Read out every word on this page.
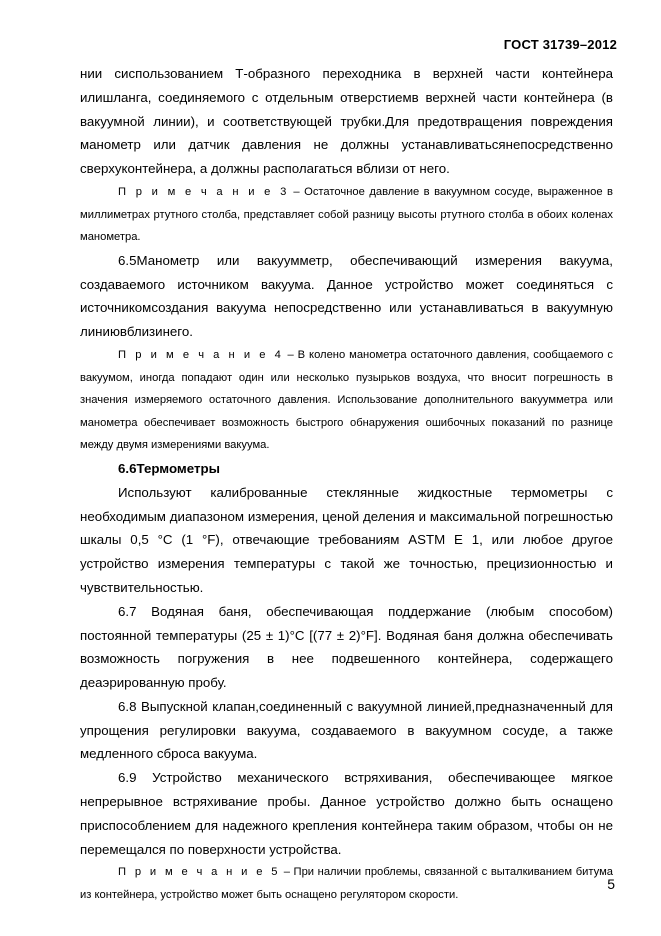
ГОСТ 31739–2012

нии сиспользованием Т-образного переходника в верхней части контейнера илишланга, соединяемого с отдельным отверстиемв верхней части контейнера (в вакуумной линии), и соответствующей трубки.Для предотвращения повреждения манометр или датчик давления не должны устанавливатьсянепосредственно сверхуконтейнера, а должны располагаться вблизи от него.

П р и м е ч а н и е 3 – Остаточное давление в вакуумном сосуде, выраженное в миллиметрах ртутного столба, представляет собой разницу высоты ртутного столба в обоих коленах манометра.

6.5Манометр или вакуумметр, обеспечивающий измерения вакуума, создаваемого источником вакуума. Данное устройство может соединяться с источникомсоздания вакуума непосредственно или устанавливаться в вакуумную линиювблизинего.

П р и м е ч а н и е 4 – В колено манометра остаточного давления, сообщаемого с вакуумом, иногда попадают один или несколько пузырьков воздуха, что вносит погрешность в значения измеряемого остаточного давления. Использование дополнительного вакуумметра или манометра обеспечивает возможность быстрого обнаружения ошибочных показаний по разнице между двумя измерениями вакуума.

6.6Термометры

Используют калиброванные стеклянные жидкостные термометры с необходимым диапазоном измерения, ценой деления и максимальной погрешностью шкалы 0,5 °С (1 °F), отвечающие требованиям ASTM E 1, или любое другое устройство измерения температуры с такой же точностью, прецизионностью и чувствительностью.

6.7 Водяная баня, обеспечивающая поддержание (любым способом) постоянной температуры (25 ± 1)°С [(77 ± 2)°F]. Водяная баня должна обеспечивать возможность погружения в нее подвешенного контейнера, содержащего деаэрированную пробу.

6.8 Выпускной клапан,соединенный с вакуумной линией,предназначенный для упрощения регулировки вакуума, создаваемого в вакуумном сосуде, а также медленного сброса вакуума.

6.9 Устройство механического встряхивания, обеспечивающее мягкое непрерывное встряхивание пробы. Данное устройство должно быть оснащено приспособлением для надежного крепления контейнера таким образом, чтобы он не перемещался по поверхности устройства.

П р и м е ч а н и е 5 – При наличии проблемы, связанной с выталкиванием битума из контейнера, устройство может быть оснащено регулятором скорости.

5
